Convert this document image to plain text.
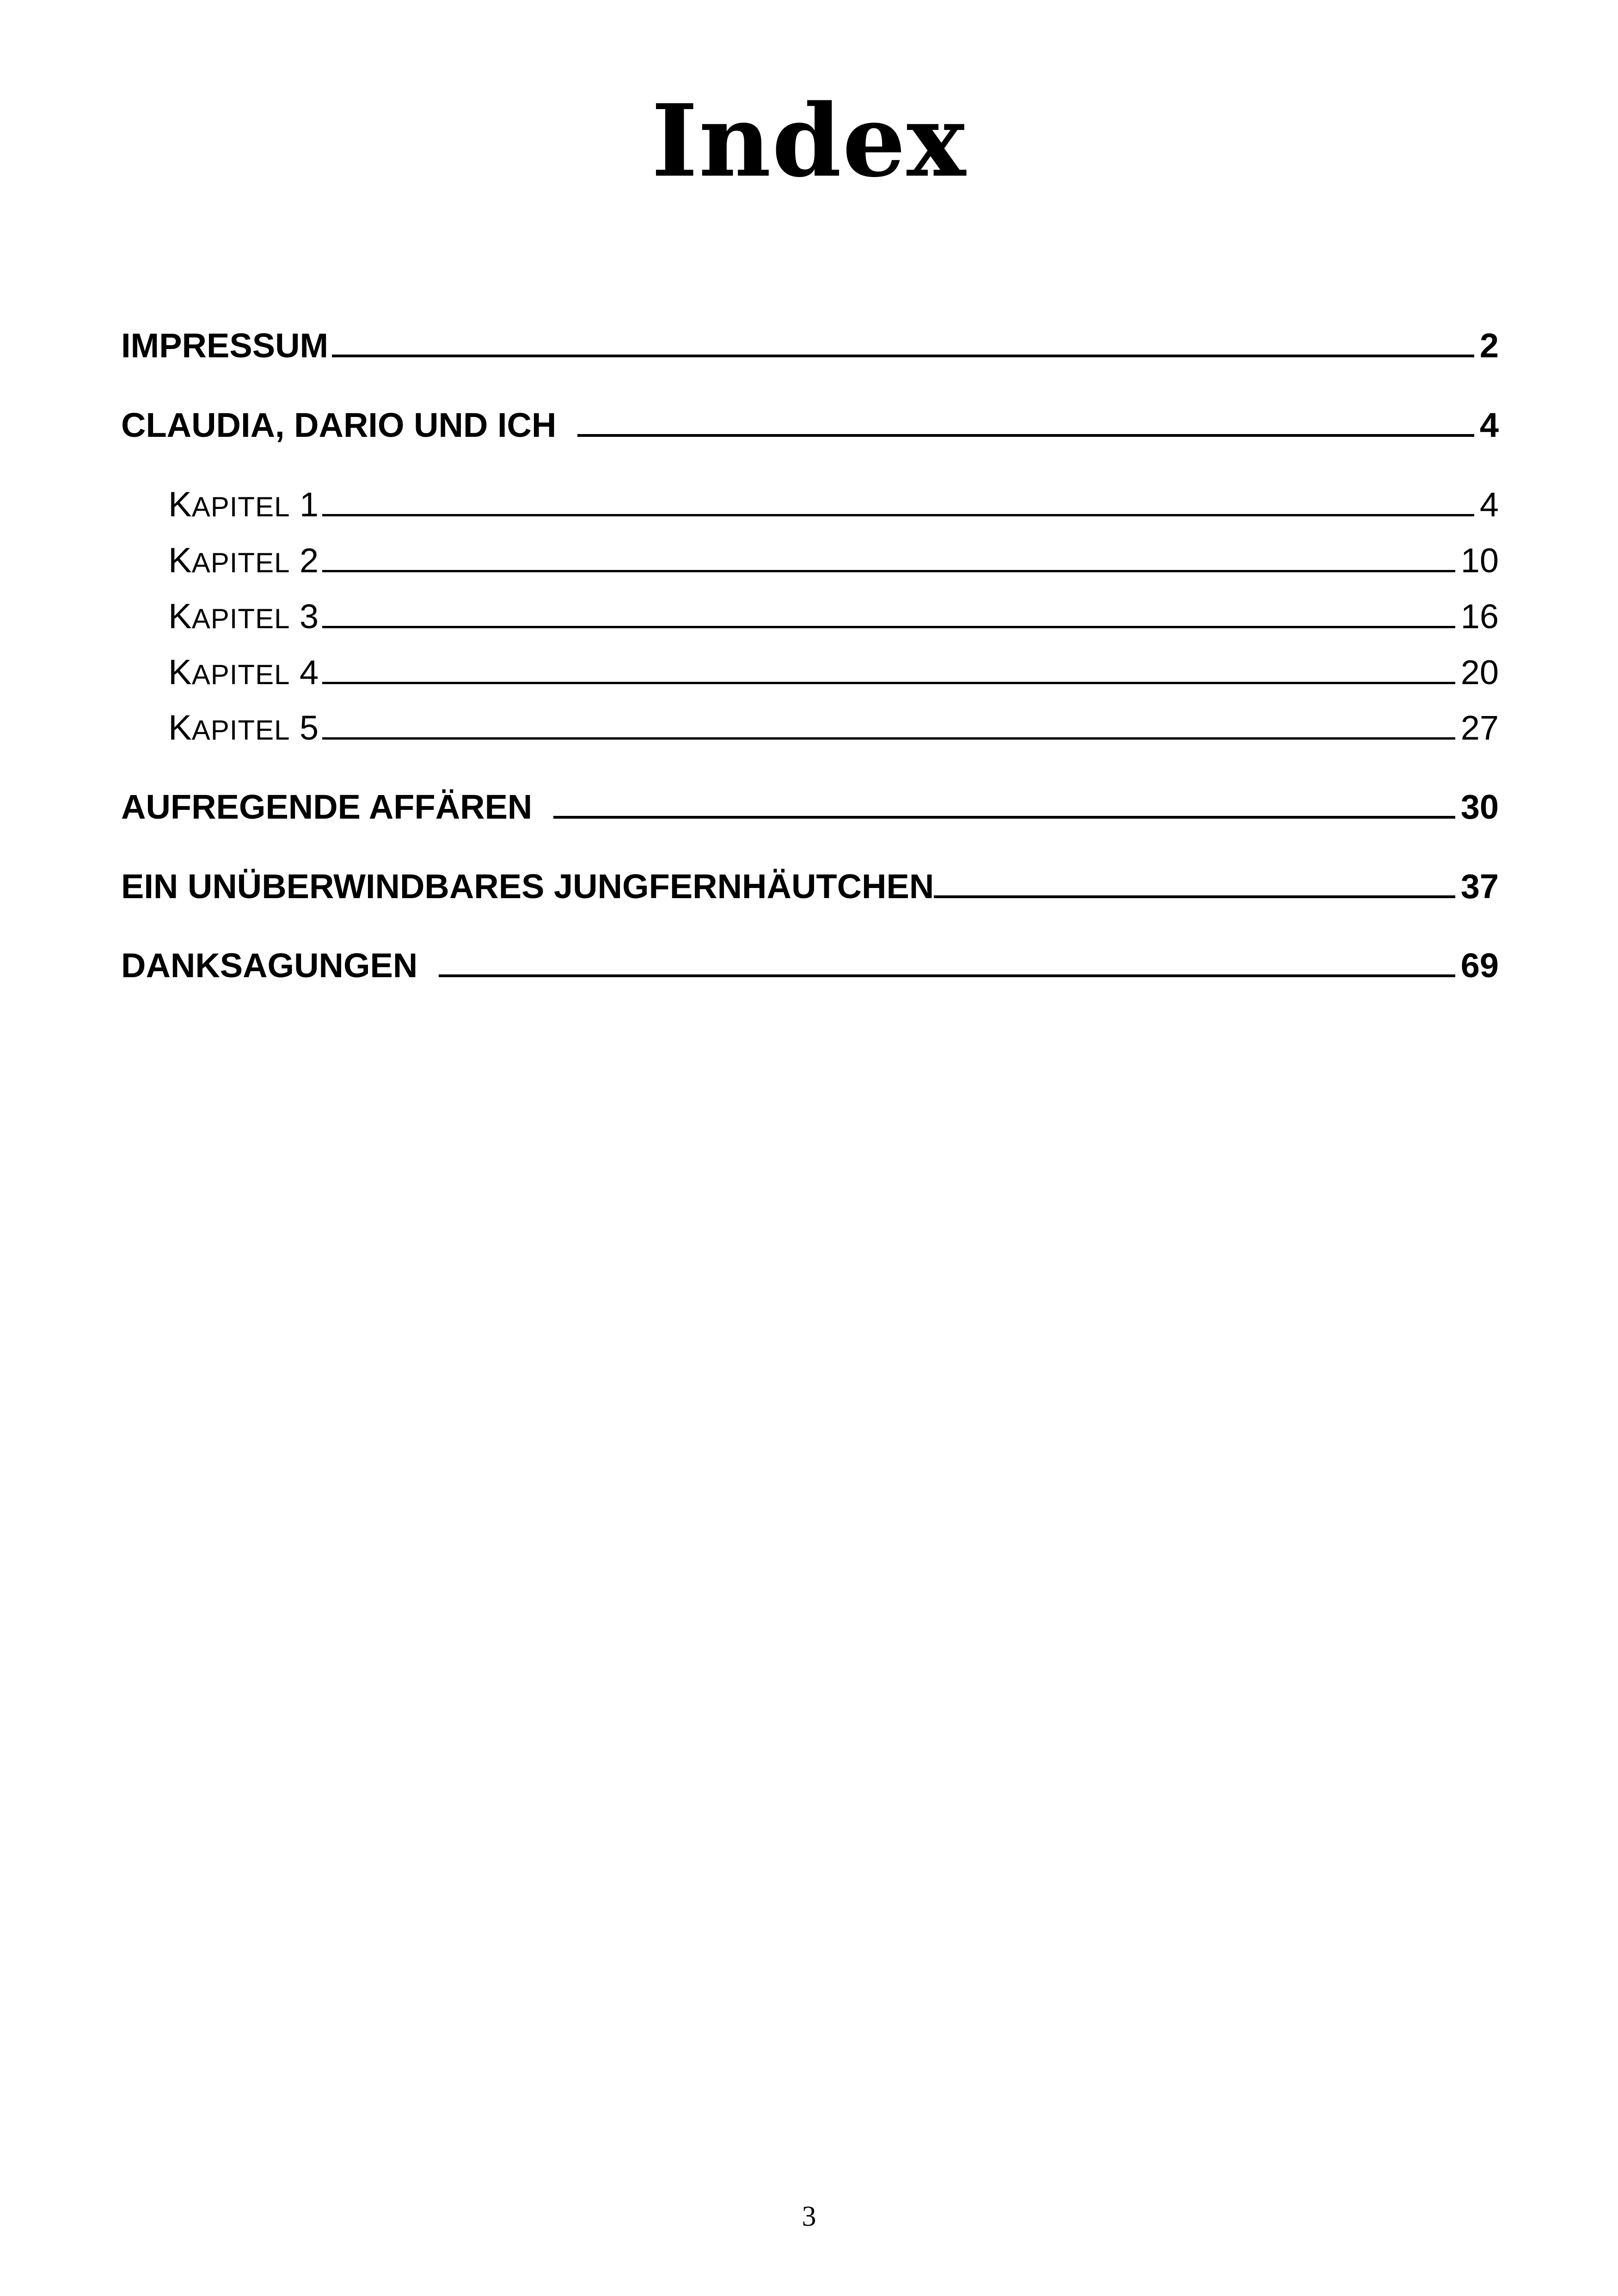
Index
IMPRESSUM	2
CLAUDIA, DARIO UND ICH	4
KAPITEL 1	4
KAPITEL 2	10
KAPITEL 3	16
KAPITEL 4	20
KAPITEL 5	27
AUFREGENDE AFFÄREN	30
EIN UNÜBERWINDBARES JUNGFERNHÄUTCHEN	37
DANKSAGUNGEN	69
3
